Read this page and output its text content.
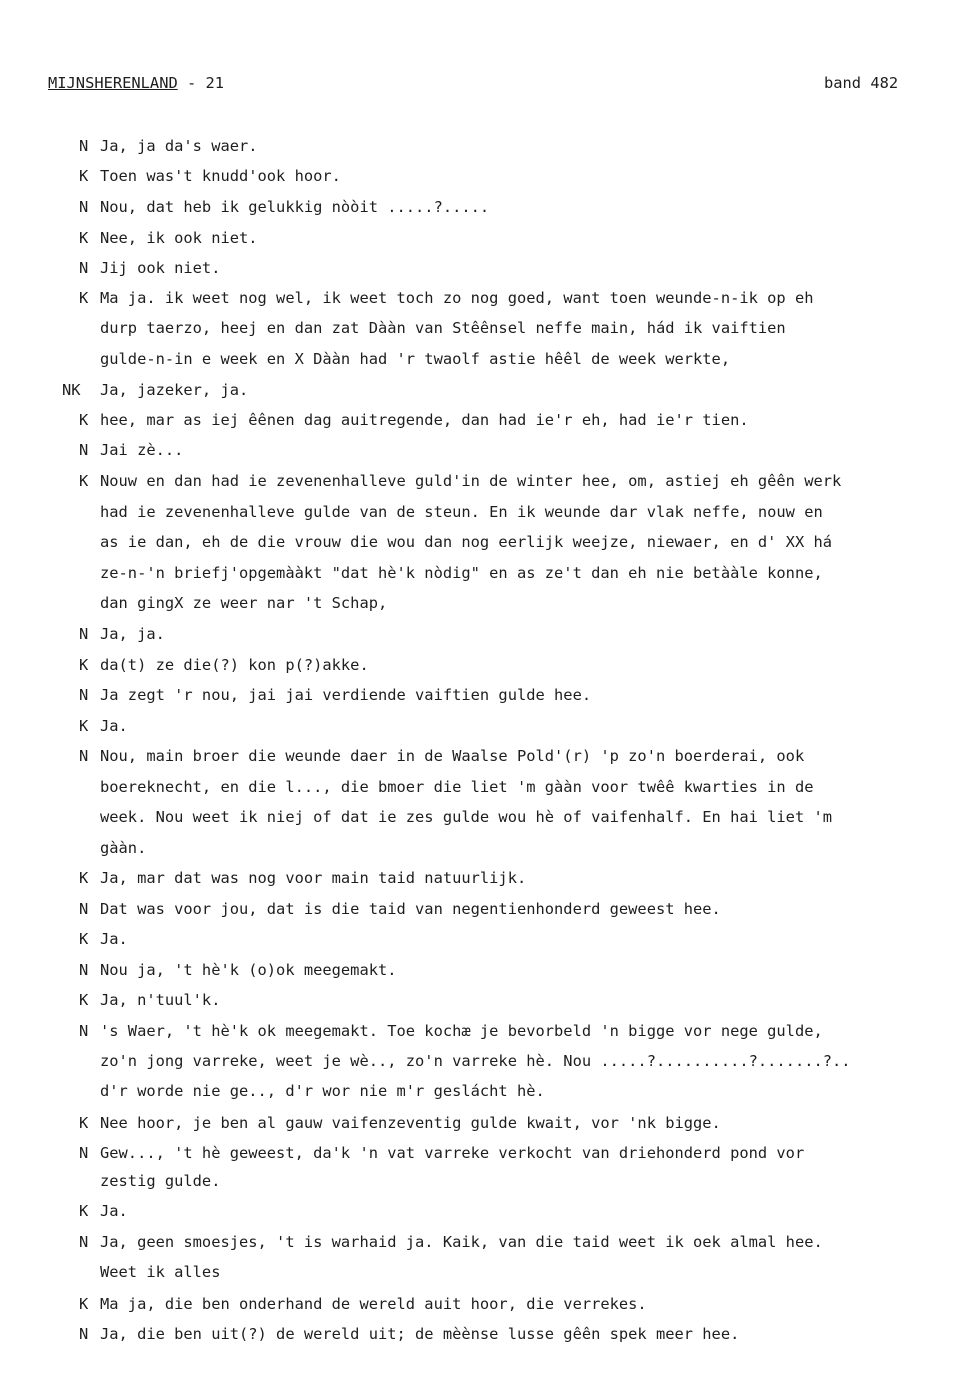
MIJNSHERENLAND - 21	band 482
N Ja, ja da's waer.
K Toen was't knudd'ook hoor.
N Nou, dat heb ik gelukkig nòòit .....?.....
K Nee, ik ook niet.
N Jij ook niet.
K Ma ja. ik weet nog wel, ik weet toch zo nog goed, want toen weunde-n-ik op eh
durp taerzo, heej en dan zat Dààn van Stêênsel neffe main, hád ik vaiftien
gulde-n-in e week en X Dààn had 'r twaolf astie hêêl de week werkte,
NK Ja, jazeker, ja.
K hee, mar as iej êênen dag auitregende, dan had ie'r eh, had ie'r tien.
N Jai zè...
K Nouw en dan had ie zevenenhalleve guld'in de winter hee, om, astiej eh gêên werk
had ie zevenenhalleve gulde van de steun. En ik weunde dar vlak neffe, nouw en
as ie dan, eh de die vrouw die wou dan nog eerlijk weejze, niewaer, en d' XX há
ze-n-'n briefj'opgemààkt "dat hè'k nòdig" en as ze't dan eh nie betààle konne,
dan gingX ze weer nar 't Schap,
N Ja, ja.
K da(t) ze die(?) kon p(?)akke.
N Ja zegt 'r nou, jai jai verdiende vaiftien gulde hee.
K Ja.
N Nou, main broer die weunde daer in de Waalse Pold'(r) 'p zo'n boerderai, ook
boereknecht, en die l..., die bmoer die liet 'm gààn voor twêê kwarties in de
week. Nou weet ik niej of dat ie zes gulde wou hè of vaifenhalf. En hai liet 'm
gààn.
K Ja, mar dat was nog voor main taid natuurlijk.
N Dat was voor jou, dat is die taid van negentienhonderd geweest hee.
K Ja.
N Nou ja, 't hè'k (o)ok meegemakt.
K Ja, n'tuul'k.
N 's Waer, 't hè'k ok meegemakt. Toe kochæ je bevorbeld 'n bigge vor nege gulde,
zo'n jong varreke, weet je wè.., zo'n varreke hè. Nou .....?..........?.......?..
d'r worde nie ge.., d'r wor nie m'r geslácht hè.
K Nee hoor, je ben al gauw vaifenzeventig gulde kwait, vor 'nk bigge.
N Gew..., 't hè geweest, da'k 'n vat varreke verkocht van driehonderd pond vor
zestig gulde.
K Ja.
N Ja, geen smoesjes, 't is warhaid ja. Kaik, van die taid weet ik oek almal hee.
Weet ik alles
K Ma ja, die ben onderhand de wereld auit hoor, die verrekes.
N Ja, die ben uit(?) de wereld uit; de mèènse lusse gêên spek meer hee.
